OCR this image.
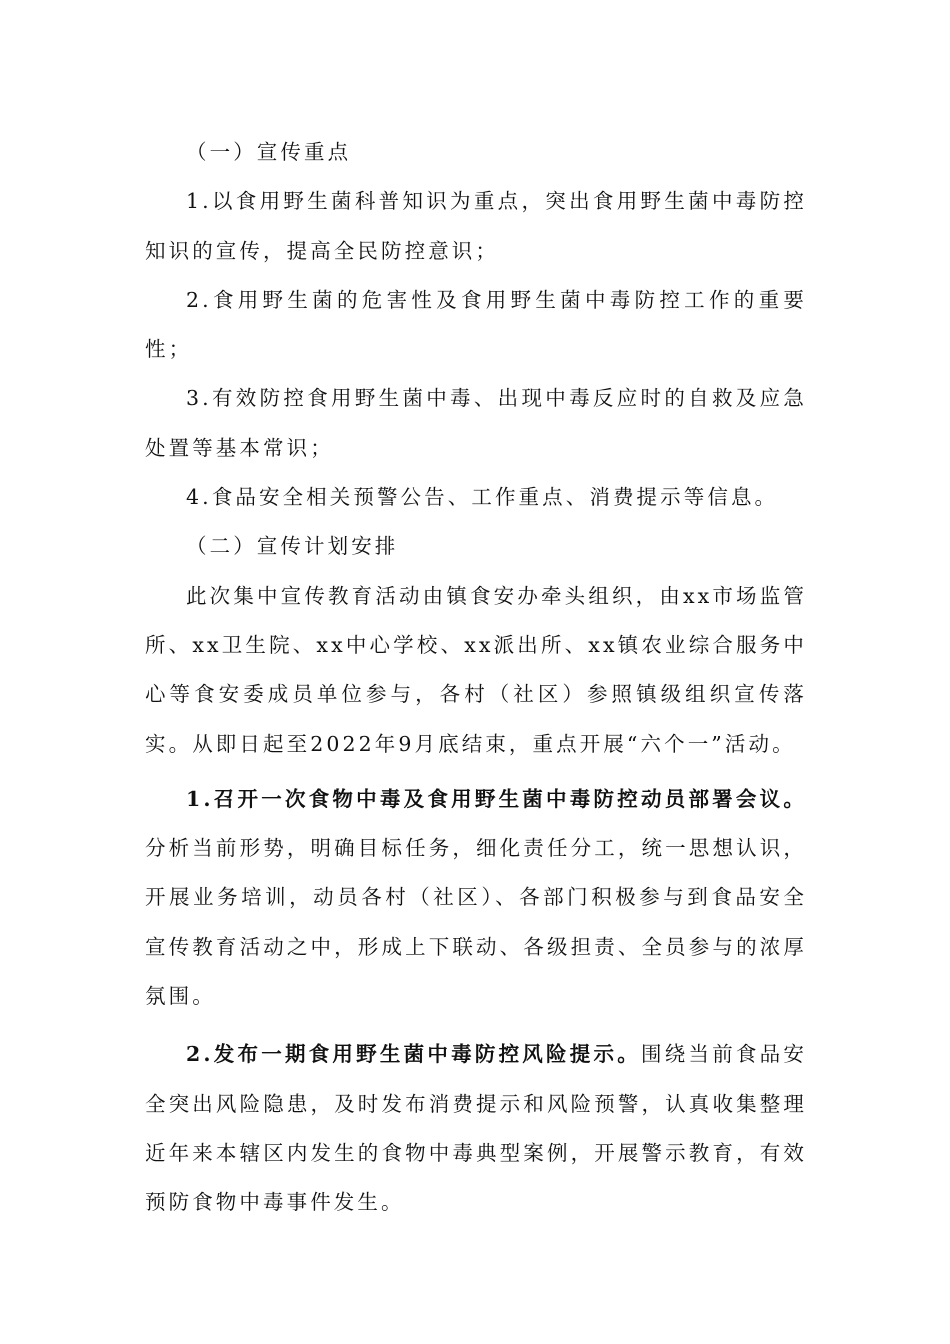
（一）宣传重点

1.以食用野生菌科普知识为重点，突出食用野生菌中毒防控知识的宣传，提高全民防控意识；

2.食用野生菌的危害性及食用野生菌中毒防控工作的重要性；

3.有效防控食用野生菌中毒、出现中毒反应时的自救及应急处置等基本常识；

4.食品安全相关预警公告、工作重点、消费提示等信息。

（二）宣传计划安排

此次集中宣传教育活动由镇食安办牵头组织，由xx市场监管所、xx卫生院、xx中心学校、xx派出所、xx镇农业综合服务中心等食安委成员单位参与，各村（社区）参照镇级组织宣传落实。从即日起至2022年9月底结束，重点开展“六个一”活动。

1.召开一次食物中毒及食用野生菌中毒防控动员部署会议。分析当前形势，明确目标任务，细化责任分工，统一思想认识，开展业务培训，动员各村（社区）、各部门积极参与到食品安全宣传教育活动之中，形成上下联动、各级担责、全员参与的浓厚氛围。

2.发布一期食用野生菌中毒防控风险提示。围绕当前食品安全突出风险隐患，及时发布消费提示和风险预警，认真收集整理近年来本辖区内发生的食物中毒典型案例，开展警示教育，有效预防食物中毒事件发生。
